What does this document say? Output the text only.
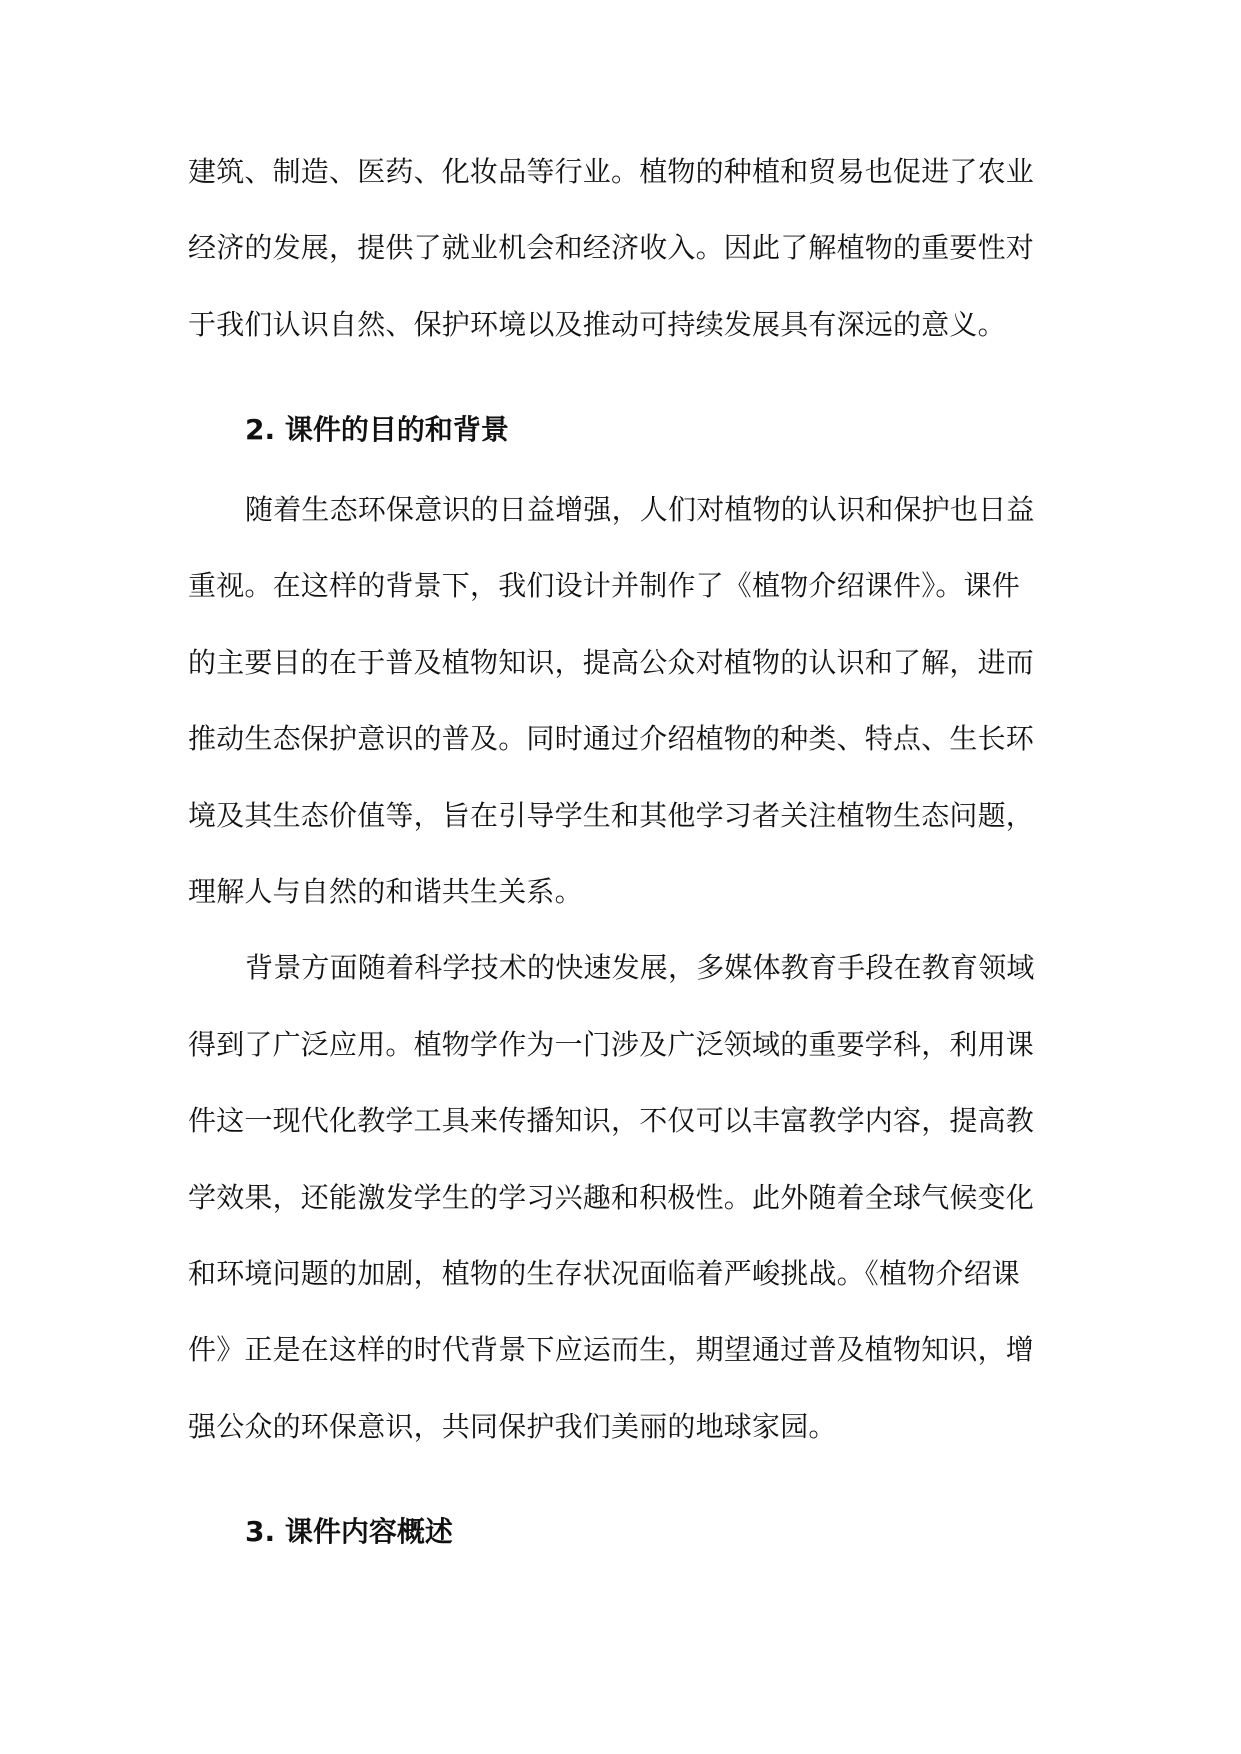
建筑、制造、医药、化妆品等行业。植物的种植和贸易也促进了农业
经济的发展，提供了就业机会和经济收入。因此了解植物的重要性对
于我们认识自然、保护环境以及推动可持续发展具有深远的意义。
2. 课件的目的和背景
随着生态环保意识的日益增强，人们对植物的认识和保护也日益
重视。在这样的背景下，我们设计并制作了《植物介绍课件》。课件
的主要目的在于普及植物知识，提高公众对植物的认识和了解，进而
推动生态保护意识的普及。同时通过介绍植物的种类、特点、生长环
境及其生态价值等，旨在引导学生和其他学习者关注植物生态问题，
理解人与自然的和谐共生关系。
背景方面随着科学技术的快速发展，多媒体教育手段在教育领域
得到了广泛应用。植物学作为一门涉及广泛领域的重要学科，利用课
件这一现代化教学工具来传播知识，不仅可以丰富教学内容，提高教
学效果，还能激发学生的学习兴趣和积极性。此外随着全球气候变化
和环境问题的加剧，植物的生存状况面临着严峻挑战。《植物介绍课
件》正是在这样的时代背景下应运而生，期望通过普及植物知识，增
强公众的环保意识，共同保护我们美丽的地球家园。
3. 课件内容概述
